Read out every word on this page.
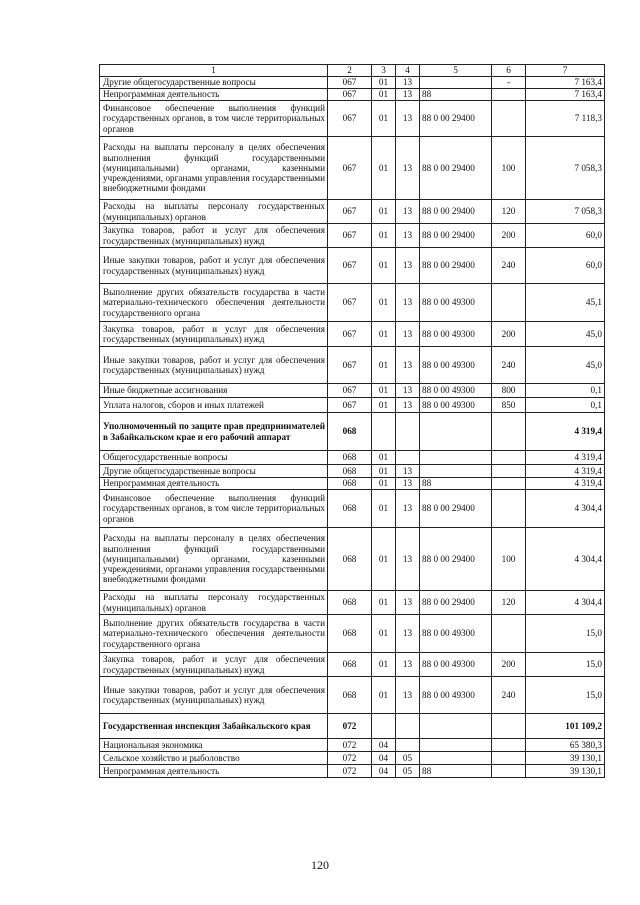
1	2	3	4	5	6	7
Другие общегосударственные вопросы	067	01	13		-	7 163,4
Непрограммная деятельность	067	01	13	88		7 163,4
Финансовое обеспечение выполнения функций государственных органов, в том числе территориальных органов	067	01	13	88 0 00 29400		7 118,3
Расходы на выплаты персоналу в целях обеспечения выполнения функций государственными (муниципальными) органами, казенными учреждениями, органами управления государственными внебюджетными фондами	067	01	13	88 0 00 29400	100	7 058,3
Расходы на выплаты персоналу государственных (муниципальных) органов	067	01	13	88 0 00 29400	120	7 058,3
Закупка товаров, работ и услуг для обеспечения государственных (муниципальных) нужд	067	01	13	88 0 00 29400	200	60,0
Иные закупки товаров, работ и услуг для обеспечения государственных (муниципальных) нужд	067	01	13	88 0 00 29400	240	60,0
Выполнение других обязательств государства в части материально-технического обеспечения деятельности государственного органа	067	01	13	88 0 00 49300		45,1
Закупка товаров, работ и услуг для обеспечения государственных (муниципальных) нужд	067	01	13	88 0 00 49300	200	45,0
Иные закупки товаров, работ и услуг для обеспечения государственных (муниципальных) нужд	067	01	13	88 0 00 49300	240	45,0
Иные бюджетные ассигнования	067	01	13	88 0 00 49300	800	0,1
Уплата налогов, сборов и иных платежей	067	01	13	88 0 00 49300	850	0,1
Уполномоченный по защите прав предпринимателей в Забайкальском крае и его рабочий аппарат	068					4 319,4
Общегосударственные вопросы	068	01				4 319,4
Другие общегосударственные вопросы	068	01	13			4 319,4
Непрограммная деятельность	068	01	13	88		4 319,4
Финансовое обеспечение выполнения функций государственных органов, в том числе территориальных органов	068	01	13	88 0 00 29400		4 304,4
Расходы на выплаты персоналу в целях обеспечения выполнения функций государственными (муниципальными) органами, казенными учреждениями, органами управления государственными внебюджетными фондами	068	01	13	88 0 00 29400	100	4 304,4
Расходы на выплаты персоналу государственных (муниципальных) органов	068	01	13	88 0 00 29400	120	4 304,4
Выполнение других обязательств государства в части материально-технического обеспечения деятельности государственного органа	068	01	13	88 0 00 49300		15,0
Закупка товаров, работ и услуг для обеспечения государственных (муниципальных) нужд	068	01	13	88 0 00 49300	200	15,0
Иные закупки товаров, работ и услуг для обеспечения государственных (муниципальных) нужд	068	01	13	88 0 00 49300	240	15,0
Государственная инспекция Забайкальского края	072					101 109,2
Национальная экономика	072	04				65 380,3
Сельское хозяйство и рыболовство	072	04	05			39 130,1
Непрограммная деятельность	072	04	05	88		39 130,1
120
